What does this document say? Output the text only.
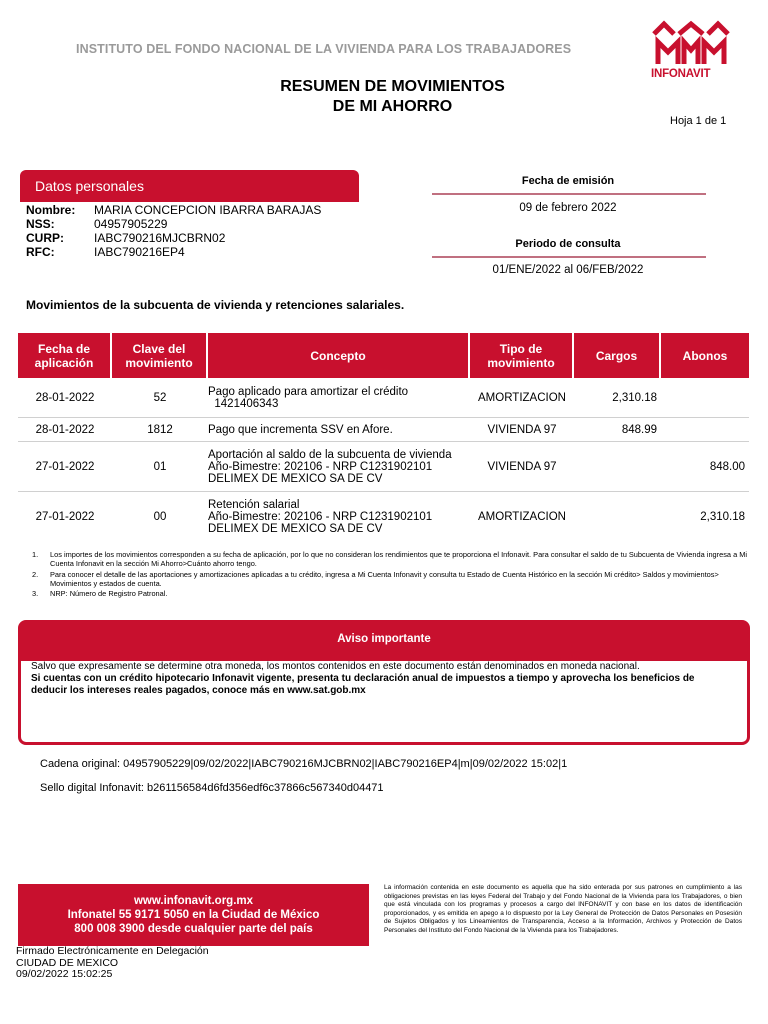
INSTITUTO DEL FONDO NACIONAL DE LA VIVIENDA PARA LOS TRABAJADORES
INFONAVIT
RESUMEN DE MOVIMIENTOS
DE MI AHORRO
Hoja 1 de 1
Datos personales
Nombre: MARIA CONCEPCION IBARRA BARAJAS
NSS:	04957905229
CURP:	IABC790216MJCBRN02
RFC:	IABC790216EP4
Fecha de emisión
09 de febrero 2022
Periodo de consulta
01/ENE/2022 al 06/FEB/2022
Movimientos de la subcuenta de vivienda y retenciones salariales.
Fecha de aplicación	Clave del movimiento	Concepto	Tipo de movimiento	Cargos	Abonos
28-01-2022	52	Pago aplicado para amortizar el crédito
1421406343	AMORTIZACION	2,310.18	
28-01-2022	1812	Pago que incrementa SSV en Afore.	VIVIENDA 97	848.99	
27-01-2022	01	Aportación al saldo de la subcuenta de vivienda
Año-Bimestre: 202106 - NRP C1231902101
DELIMEX DE MEXICO SA DE CV	VIVIENDA 97		848.00
27-01-2022	00	Retención salarial
Año-Bimestre: 202106 - NRP C1231902101
DELIMEX DE MEXICO SA DE CV	AMORTIZACION		2,310.18
1.	Los importes de los movimientos corresponden a su fecha de aplicación, por lo que no consideran los rendimientos que te proporciona el Infonavit. Para consultar el saldo de tu Subcuenta de Vivienda ingresa a Mi Cuenta Infonavit en la sección Mi Ahorro>Cuánto ahorro tengo.
2.	Para conocer el detalle de las aportaciones y amortizaciones aplicadas a tu crédito, ingresa a Mi Cuenta Infonavit y consulta tu Estado de Cuenta Histórico en la sección Mi crédito> Saldos y movimientos> Movimientos y estados de cuenta.
3.	NRP: Número de Registro Patronal.
Aviso importante
Salvo que expresamente se determine otra moneda, los montos contenidos en este documento están denominados en moneda nacional.
Si cuentas con un crédito hipotecario Infonavit vigente, presenta tu declaración anual de impuestos a tiempo y aprovecha los beneficios de
deducir los intereses reales pagados, conoce más en www.sat.gob.mx
Cadena original: 04957905229|09/02/2022|IABC790216MJCBRN02|IABC790216EP4|m|09/02/2022 15:02|1
Sello digital Infonavit: b261156584d6fd356edf6c37866c567340d04471
www.infonavit.org.mx
Infonatel 55 9171 5050 en la Ciudad de México
800 008 3900 desde cualquier parte del país
La información contenida en este documento es aquella que ha sido enterada por sus patrones en cumplimiento a las obligaciones previstas en las leyes Federal del Trabajo y del Fondo Nacional de la Vivienda para los Trabajadores, o bien que está vinculada con los programas y procesos a cargo del INFONAVIT y con base en los datos de identificación proporcionados, y es emitida en apego a lo dispuesto por la Ley General de Protección de Datos Personales en Posesión de Sujetos Obligados y los Lineamientos de Transparencia, Acceso a la Información, Archivos y Protección de Datos Personales del Instituto del Fondo Nacional de la Vivienda para los Trabajadores.
Firmado Electrónicamente en Delegación
CIUDAD DE MEXICO
09/02/2022 15:02:25
